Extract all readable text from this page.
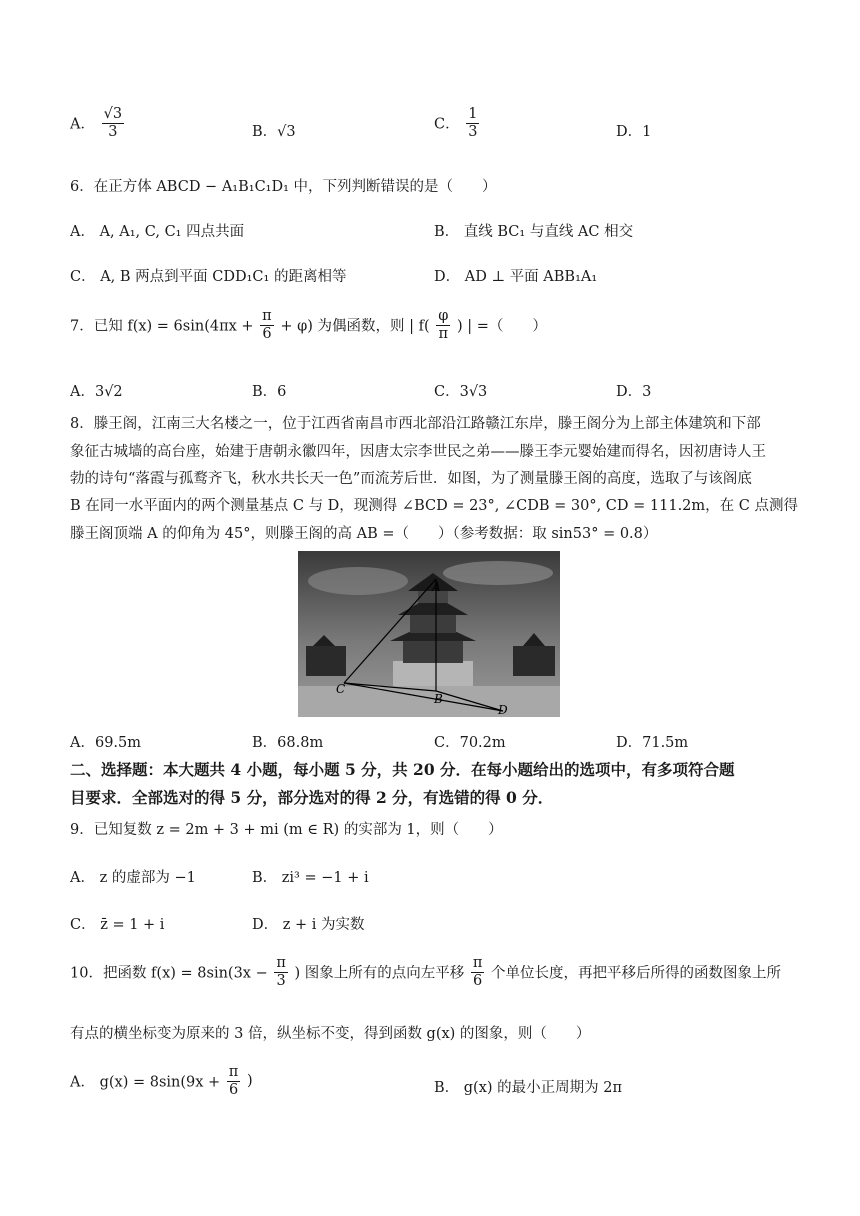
A． $\frac{√3}{3}$	B．√3	C． $\frac{1}{3}$	D．1
6．在正方体 ABCD − A₁B₁C₁D₁ 中，下列判断错误的是（　　）
A． A, A₁, C, C₁ 四点共面	B． 直线 BC₁ 与直线 AC 相交
C． A, B 两点到平面 CDD₁C₁ 的距离相等	D． AD ⊥ 平面 ABB₁A₁
7．已知 $f(x) = 6\sin(4\pi x + \frac{\pi}{6} + \varphi)$ 为偶函数，则 | $f( \frac{\varphi}{\pi}$ ) | =（　　）
A．3√2	B．6	C．3√3	D．3
8．滕王阁，江南三大名楼之一，位于江西省南昌市西北部沿江路赣江东岸，滕王阁分为上部主体建筑和下部
象征古城墙的高台座，始建于唐朝永徽四年，因唐太宗李世民之弟——滕王李元婴始建而得名，因初唐诗人王
勃的诗句“落霞与孤鹜齐飞，秋水共长天一色”而流芳后世．如图，为了测量滕王阁的高度，选取了与该阁底
B 在同一水平面内的两个测量基点 C 与 D，现测得 ∠BCD = 23°, ∠CDB = 30°, CD = 111.2m，在 C 点测得
滕王阁顶端 A 的仰角为 45°，则滕王阁的高 AB =（　　）（参考数据：取 sin53° = 0.8）
A
B
C
D
A．69.5m	B．68.8m	C．70.2m	D．71.5m
二、选择题：本大题共 4 小题，每小题 5 分，共 20 分．在每小题给出的选项中，有多项符合题
目要求．全部选对的得 5 分，部分选对的得 2 分，有选错的得 0 分．
9．已知复数 z = 2m + 3 + mi (m ∈ R) 的实部为 1，则（　　）
A． z 的虚部为 −1	B． zi³ = −1 + i
C． z̄ = 1 + i	D． z + i 为实数
10．把函数 $f(x) = 8\sin(3x - \frac{\pi}{3}$ ) 图象上所有的点向左平移 $\frac{\pi}{6}$ 个单位长度，再把平移后所得的函数图象上所
有点的横坐标变为原来的 3 倍，纵坐标不变，得到函数 g(x) 的图象，则（　　）
A． $g(x) = 8\sin(9x + \frac{\pi}{6}$ )	B． g(x) 的最小正周期为 2π
